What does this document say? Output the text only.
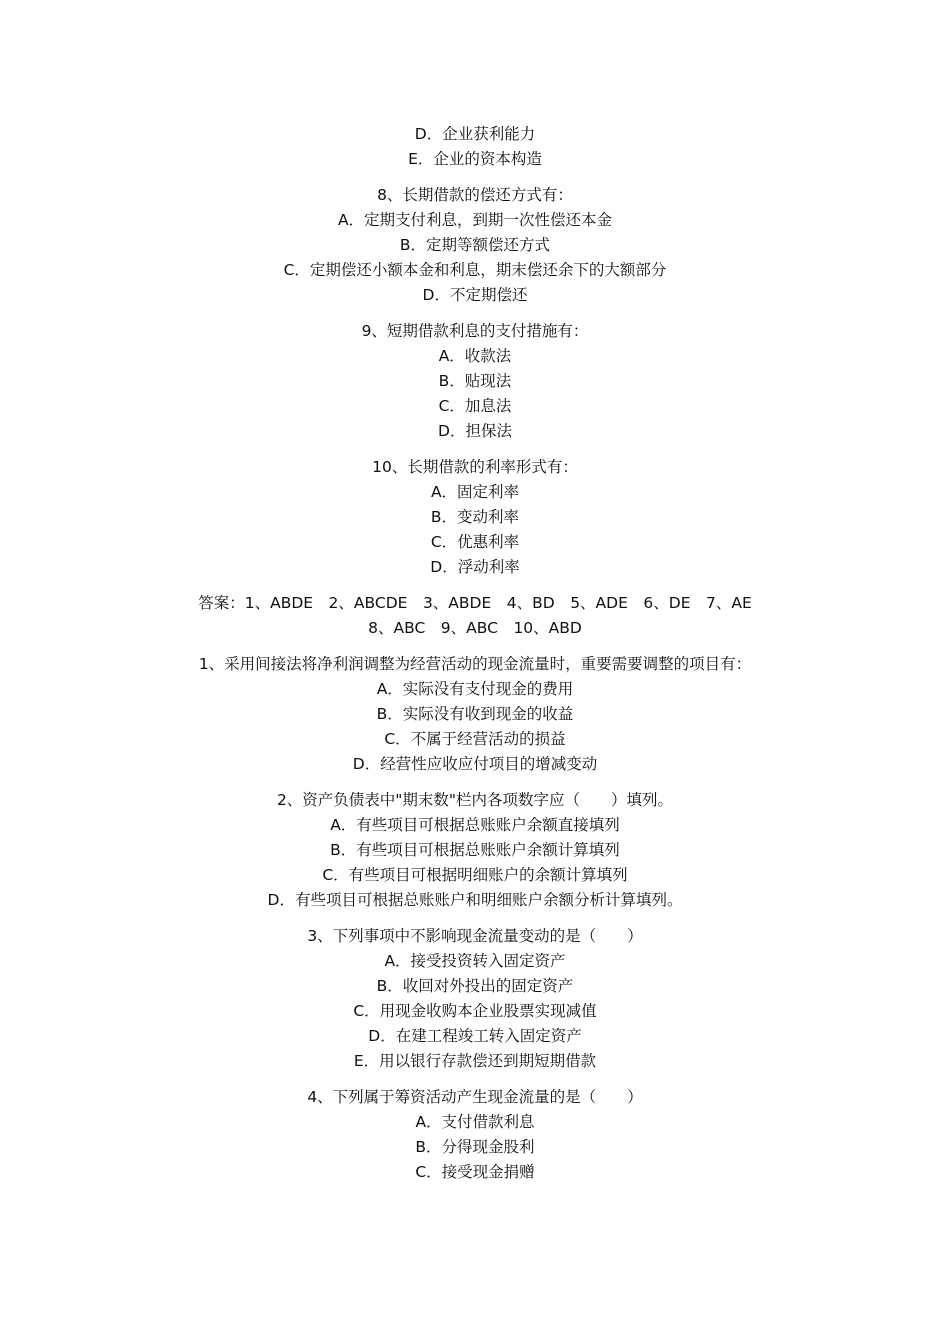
D．企业获利能力
E．企业的资本构造
8、长期借款的偿还方式有：
A．定期支付利息，到期一次性偿还本金
B．定期等额偿还方式
C．定期偿还小额本金和利息，期末偿还余下的大额部分
D．不定期偿还
9、短期借款利息的支付措施有：
A．收款法
B．贴现法
C．加息法
D．担保法
10、长期借款的利率形式有：
A．固定利率
B．变动利率
C．优惠利率
D．浮动利率
答案：1、ABDE　2、ABCDE　3、ABDE　4、BD　5、ADE　6、DE　7、AE
8、ABC　9、ABC　10、ABD
1、采用间接法将净利润调整为经营活动的现金流量时，重要需要调整的项目有：
A．实际没有支付现金的费用
B．实际没有收到现金的收益
C．不属于经营活动的损益
D．经营性应收应付项目的增减变动
2、资产负债表中"期末数"栏内各项数字应（　　）填列。
A．有些项目可根据总账账户余额直接填列
B．有些项目可根据总账账户余额计算填列
C．有些项目可根据明细账户的余额计算填列
D．有些项目可根据总账账户和明细账户余额分析计算填列。
3、下列事项中不影响现金流量变动的是（　　）
A．接受投资转入固定资产
B．收回对外投出的固定资产
C．用现金收购本企业股票实现减值
D．在建工程竣工转入固定资产
E．用以银行存款偿还到期短期借款
4、下列属于筹资活动产生现金流量的是（　　）
A．支付借款利息
B．分得现金股利
C．接受现金捐赠
